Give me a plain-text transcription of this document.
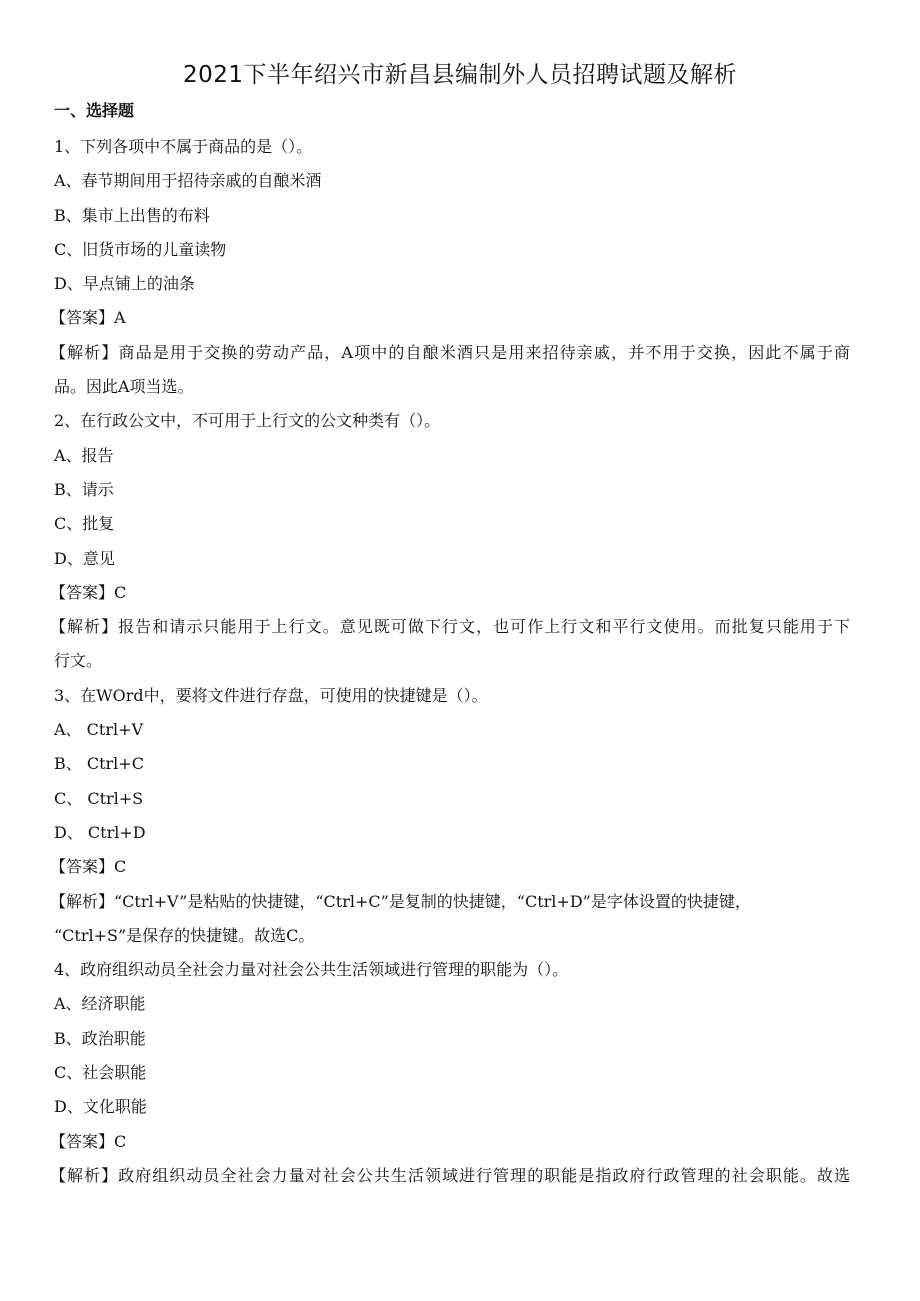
2021下半年绍兴市新昌县编制外人员招聘试题及解析
一、选择题
1、下列各项中不属于商品的是（）。
A、春节期间用于招待亲戚的自酿米酒
B、集市上出售的布料
C、旧货市场的儿童读物
D、早点铺上的油条
【答案】A
【解析】商品是用于交换的劳动产品，A项中的自酿米酒只是用来招待亲戚，并不用于交换，因此不属于商
品。因此A项当选。
2、在行政公文中，不可用于上行文的公文种类有（）。
A、报告
B、请示
C、批复
D、意见
【答案】C
【解析】报告和请示只能用于上行文。意见既可做下行文，也可作上行文和平行文使用。而批复只能用于下
行文。
3、在WOrd中，要将文件进行存盘，可使用的快捷键是（）。
A、 Ctrl+V
B、 Ctrl+C
C、 Ctrl+S
D、 Ctrl+D
【答案】C
【解析】“Ctrl+V”是粘贴的快捷键，“Ctrl+C”是复制的快捷键，“Ctrl+D”是字体设置的快捷键，
“Ctrl+S”是保存的快捷键。故选C。
4、政府组织动员全社会力量对社会公共生活领域进行管理的职能为（）。
A、经济职能
B、政治职能
C、社会职能
D、文化职能
【答案】C
【解析】政府组织动员全社会力量对社会公共生活领域进行管理的职能是指政府行政管理的社会职能。故选
